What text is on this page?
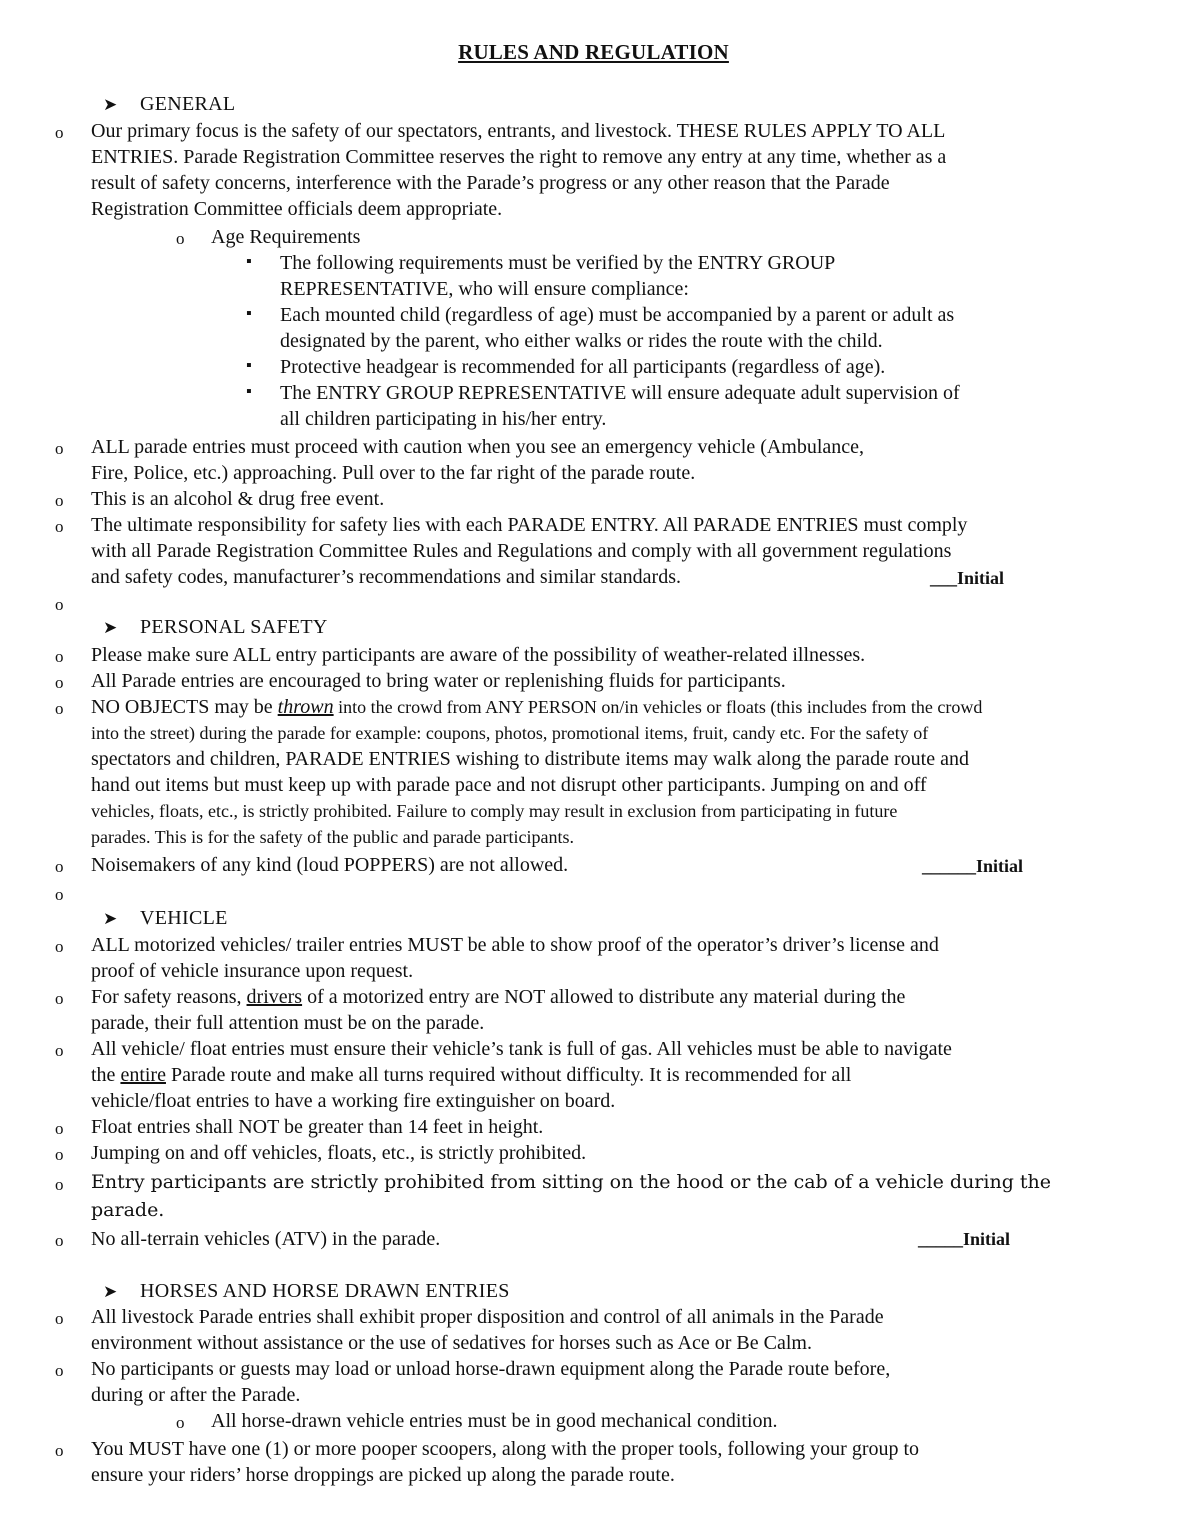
RULES AND REGULATION
➤ GENERAL
o Our primary focus is the safety of our spectators, entrants, and livestock. THESE RULES APPLY TO ALL
ENTRIES. Parade Registration Committee reserves the right to remove any entry at any time, whether as a
result of safety concerns, interference with the Parade’s progress or any other reason that the Parade
Registration Committee officials deem appropriate.
o Age Requirements
▪ The following requirements must be verified by the ENTRY GROUP
REPRESENTATIVE, who will ensure compliance:
▪ Each mounted child (regardless of age) must be accompanied by a parent or adult as
designated by the parent, who either walks or rides the route with the child.
▪ Protective headgear is recommended for all participants (regardless of age).
▪ The ENTRY GROUP REPRESENTATIVE will ensure adequate adult supervision of
all children participating in his/her entry.
o ALL parade entries must proceed with caution when you see an emergency vehicle (Ambulance,
Fire, Police, etc.) approaching. Pull over to the far right of the parade route.
o This is an alcohol & drug free event.
o The ultimate responsibility for safety lies with each PARADE ENTRY. All PARADE ENTRIES must comply
with all Parade Registration Committee Rules and Regulations and comply with all government regulations
and safety codes, manufacturer’s recommendations and similar standards.	___Initial
o
➤ PERSONAL SAFETY
o Please make sure ALL entry participants are aware of the possibility of weather-related illnesses.
o All Parade entries are encouraged to bring water or replenishing fluids for participants.
o NO OBJECTS may be thrown into the crowd from ANY PERSON on/in vehicles or floats (this includes from the crowd
into the street) during the parade for example: coupons, photos, promotional items, fruit, candy etc. For the safety of
spectators and children, PARADE ENTRIES wishing to distribute items may walk along the parade route and
hand out items but must keep up with parade pace and not disrupt other participants. Jumping on and off
vehicles, floats, etc., is strictly prohibited. Failure to comply may result in exclusion from participating in future
parades. This is for the safety of the public and parade participants.
o Noisemakers of any kind (loud POPPERS) are not allowed.	______Initial
o
➤ VEHICLE
o ALL motorized vehicles/ trailer entries MUST be able to show proof of the operator’s driver’s license and
proof of vehicle insurance upon request.
o For safety reasons, drivers of a motorized entry are NOT allowed to distribute any material during the
parade, their full attention must be on the parade.
o All vehicle/ float entries must ensure their vehicle’s tank is full of gas. All vehicles must be able to navigate
the entire Parade route and make all turns required without difficulty. It is recommended for all
vehicle/float entries to have a working fire extinguisher on board.
o Float entries shall NOT be greater than 14 feet in height.
o Jumping on and off vehicles, floats, etc., is strictly prohibited.
o Entry participants are strictly prohibited from sitting on the hood or the cab of a vehicle during the
parade.
o No all-terrain vehicles (ATV) in the parade.	_____Initial
➤ HORSES AND HORSE DRAWN ENTRIES
o All livestock Parade entries shall exhibit proper disposition and control of all animals in the Parade
environment without assistance or the use of sedatives for horses such as Ace or Be Calm.
o No participants or guests may load or unload horse-drawn equipment along the Parade route before,
during or after the Parade.
o All horse-drawn vehicle entries must be in good mechanical condition.
o You MUST have one (1) or more pooper scoopers, along with the proper tools, following your group to
ensure your riders’ horse droppings are picked up along the parade route.
